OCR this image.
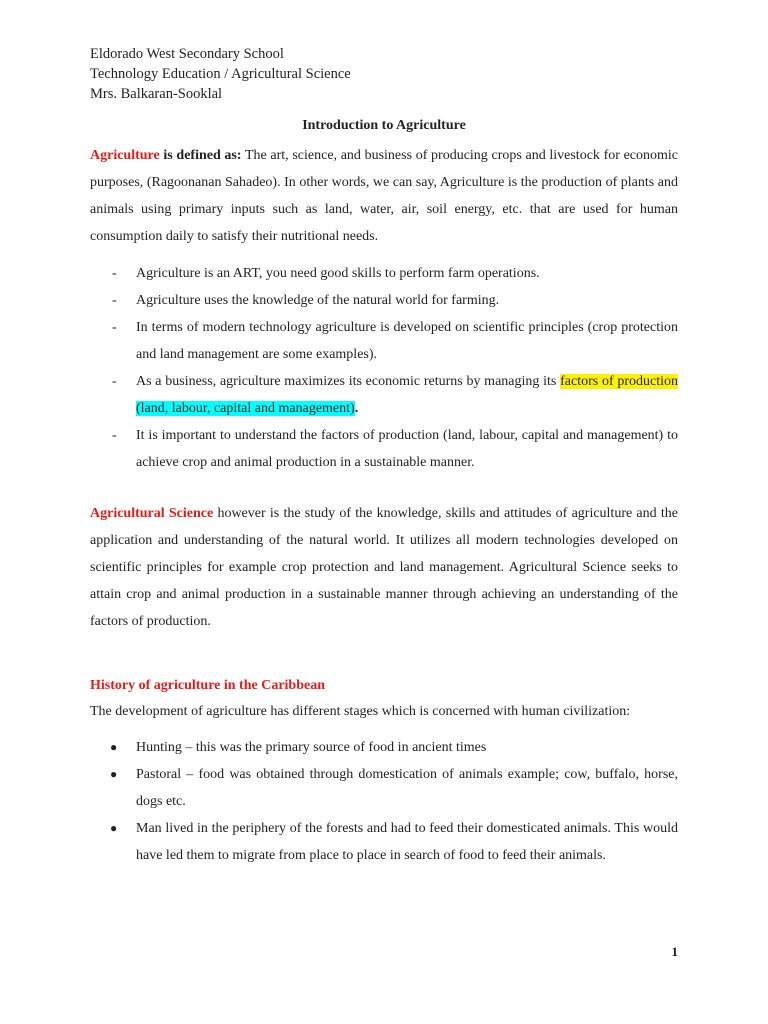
Eldorado West Secondary School
Technology Education / Agricultural Science
Mrs. Balkaran-Sooklal
Introduction to Agriculture
Agriculture is defined as: The art, science, and business of producing crops and livestock for economic purposes, (Ragoonanan Sahadeo). In other words, we can say, Agriculture is the production of plants and animals using primary inputs such as land, water, air, soil energy, etc. that are used for human consumption daily to satisfy their nutritional needs.
- Agriculture is an ART, you need good skills to perform farm operations.
- Agriculture uses the knowledge of the natural world for farming.
- In terms of modern technology agriculture is developed on scientific principles (crop protection and land management are some examples).
- As a business, agriculture maximizes its economic returns by managing its factors of production (land, labour, capital and management).
- It is important to understand the factors of production (land, labour, capital and management) to achieve crop and animal production in a sustainable manner.
Agricultural Science however is the study of the knowledge, skills and attitudes of agriculture and the application and understanding of the natural world. It utilizes all modern technologies developed on scientific principles for example crop protection and land management. Agricultural Science seeks to attain crop and animal production in a sustainable manner through achieving an understanding of the factors of production.
History of agriculture in the Caribbean
The development of agriculture has different stages which is concerned with human civilization:
● Hunting – this was the primary source of food in ancient times
● Pastoral – food was obtained through domestication of animals example; cow, buffalo, horse, dogs etc.
● Man lived in the periphery of the forests and had to feed their domesticated animals. This would have led them to migrate from place to place in search of food to feed their animals.
1
